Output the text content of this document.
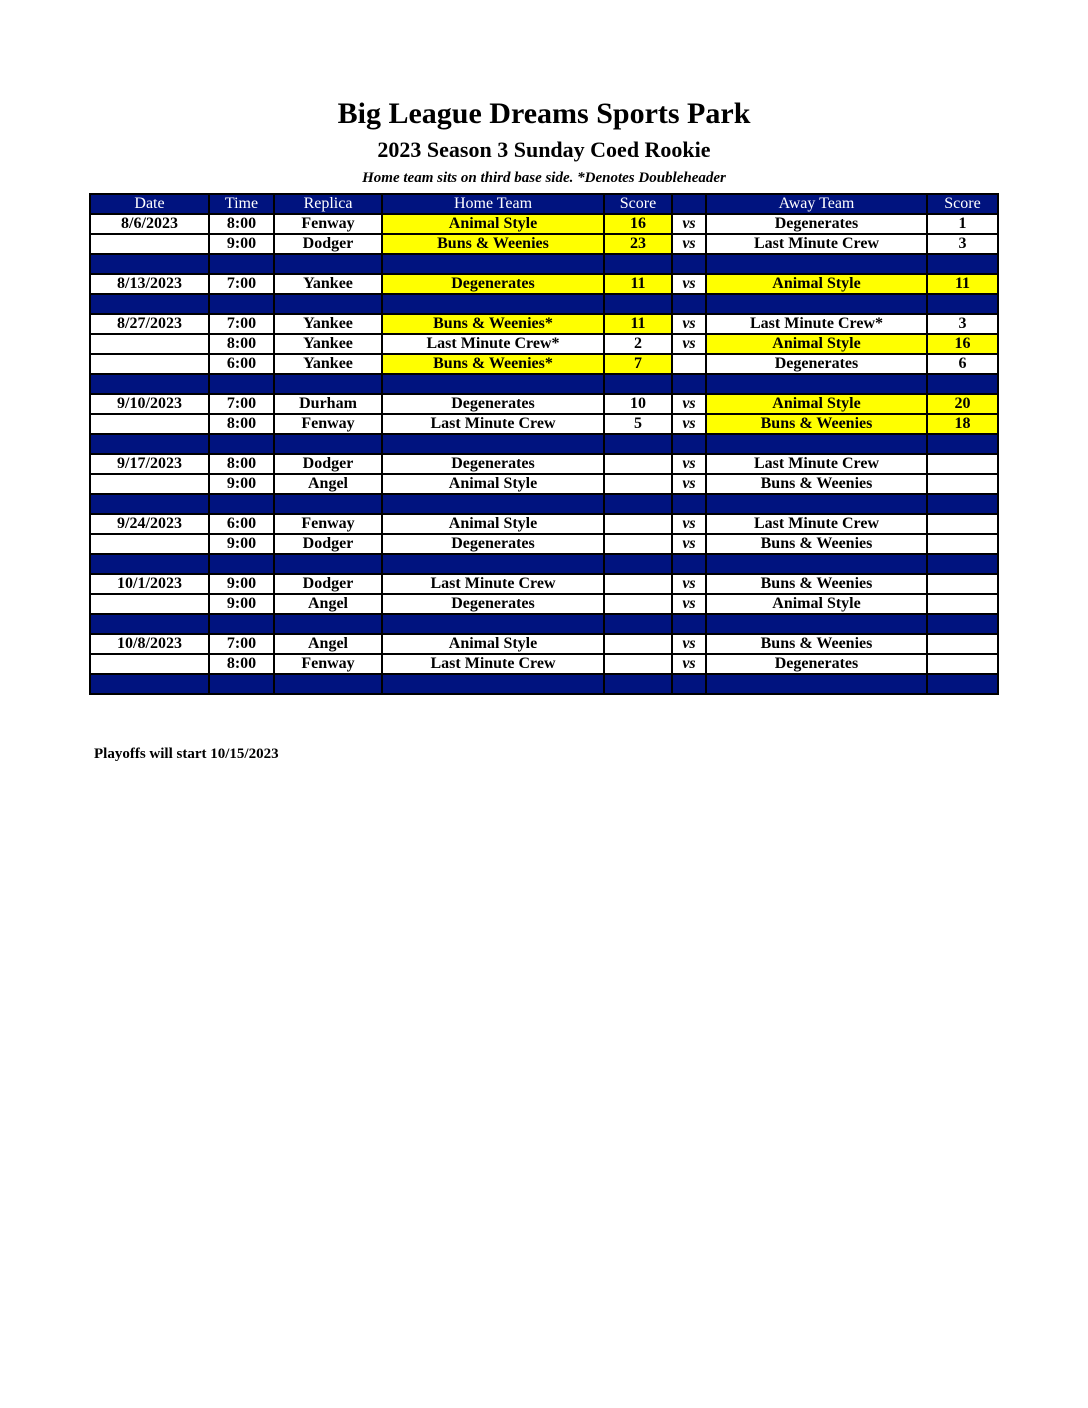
Big League Dreams Sports Park
2023 Season 3 Sunday Coed Rookie
Home team sits on third base side. *Denotes Doubleheader
Date	Time	Replica	Home Team	Score		Away Team	Score
8/6/2023	8:00	Fenway	Animal Style	16	vs	Degenerates	1
	9:00	Dodger	Buns & Weenies	23	vs	Last Minute Crew	3

8/13/2023	7:00	Yankee	Degenerates	11	vs	Animal Style	11

8/27/2023	7:00	Yankee	Buns & Weenies*	11	vs	Last Minute Crew*	3
	8:00	Yankee	Last Minute Crew*	2	vs	Animal Style	16
	6:00	Yankee	Buns & Weenies*	7		Degenerates	6

9/10/2023	7:00	Durham	Degenerates	10	vs	Animal Style	20
	8:00	Fenway	Last Minute Crew	5	vs	Buns & Weenies	18

9/17/2023	8:00	Dodger	Degenerates		vs	Last Minute Crew	
	9:00	Angel	Animal Style		vs	Buns & Weenies	

9/24/2023	6:00	Fenway	Animal Style		vs	Last Minute Crew	
	9:00	Dodger	Degenerates		vs	Buns & Weenies	

10/1/2023	9:00	Dodger	Last Minute Crew		vs	Buns & Weenies	
	9:00	Angel	Degenerates		vs	Animal Style	

10/8/2023	7:00	Angel	Animal Style		vs	Buns & Weenies	
	8:00	Fenway	Last Minute Crew		vs	Degenerates	

Playoffs will start 10/15/2023
